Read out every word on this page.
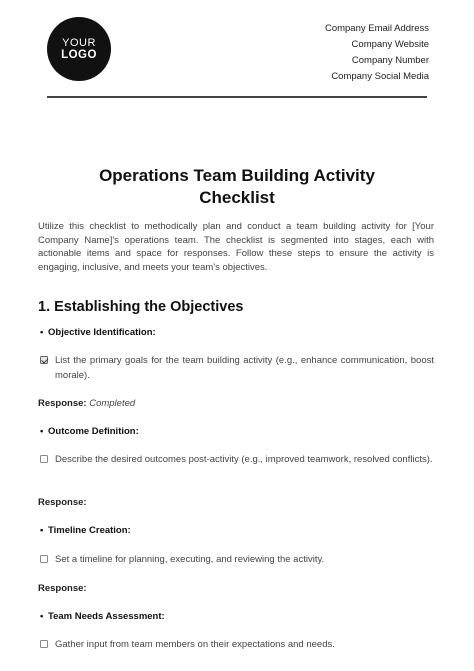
YOUR
LOGO
Company Email Address
Company Website
Company Number
Company Social Media
Operations Team Building Activity
Checklist
Utilize this checklist to methodically plan and conduct a team building activity for [Your Company Name]'s operations team. The checklist is segmented into stages, each with actionable items and space for responses. Follow these steps to ensure the activity is engaging, inclusive, and meets your team's objectives.
1. Establishing the Objectives
• Objective Identification:
List the primary goals for the team building activity (e.g., enhance communication, boost morale).
Response: Completed
• Outcome Definition:
Describe the desired outcomes post-activity (e.g., improved teamwork, resolved conflicts).
Response:
• Timeline Creation:
Set a timeline for planning, executing, and reviewing the activity.
Response:
• Team Needs Assessment:
Gather input from team members on their expectations and needs.
